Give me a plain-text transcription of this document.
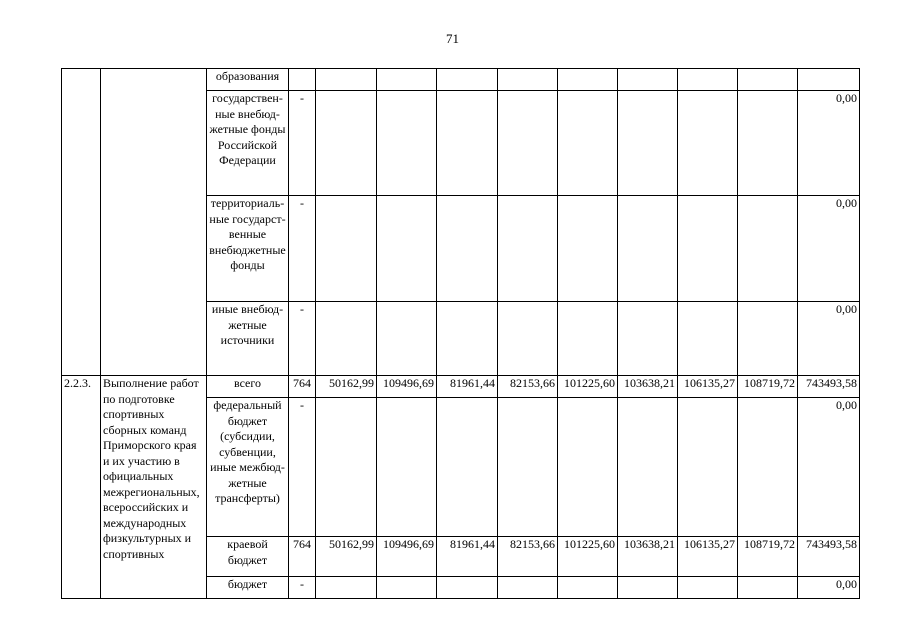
71
		образования										
		государствен-ные внебюд-жетные фонды Российской Федерации	-									0,00
		территориаль-ные государст-венные внебюджетные фонды	-									0,00
		иные внебюд-жетные источники	-									0,00
2.2.3.	Выполнение работ по подготовке спортивных сборных команд Приморского края и их участию в официальных межрегиональных, всероссийских и международных физкультурных и спортивных	всего	764	50162,99	109496,69	81961,44	82153,66	101225,60	103638,21	106135,27	108719,72	743493,58
		федеральный бюджет (субсидии, субвенции, иные межбюд-жетные трансферты)	-									0,00
		краевой бюджет	764	50162,99	109496,69	81961,44	82153,66	101225,60	103638,21	106135,27	108719,72	743493,58
		бюджет	-									0,00
